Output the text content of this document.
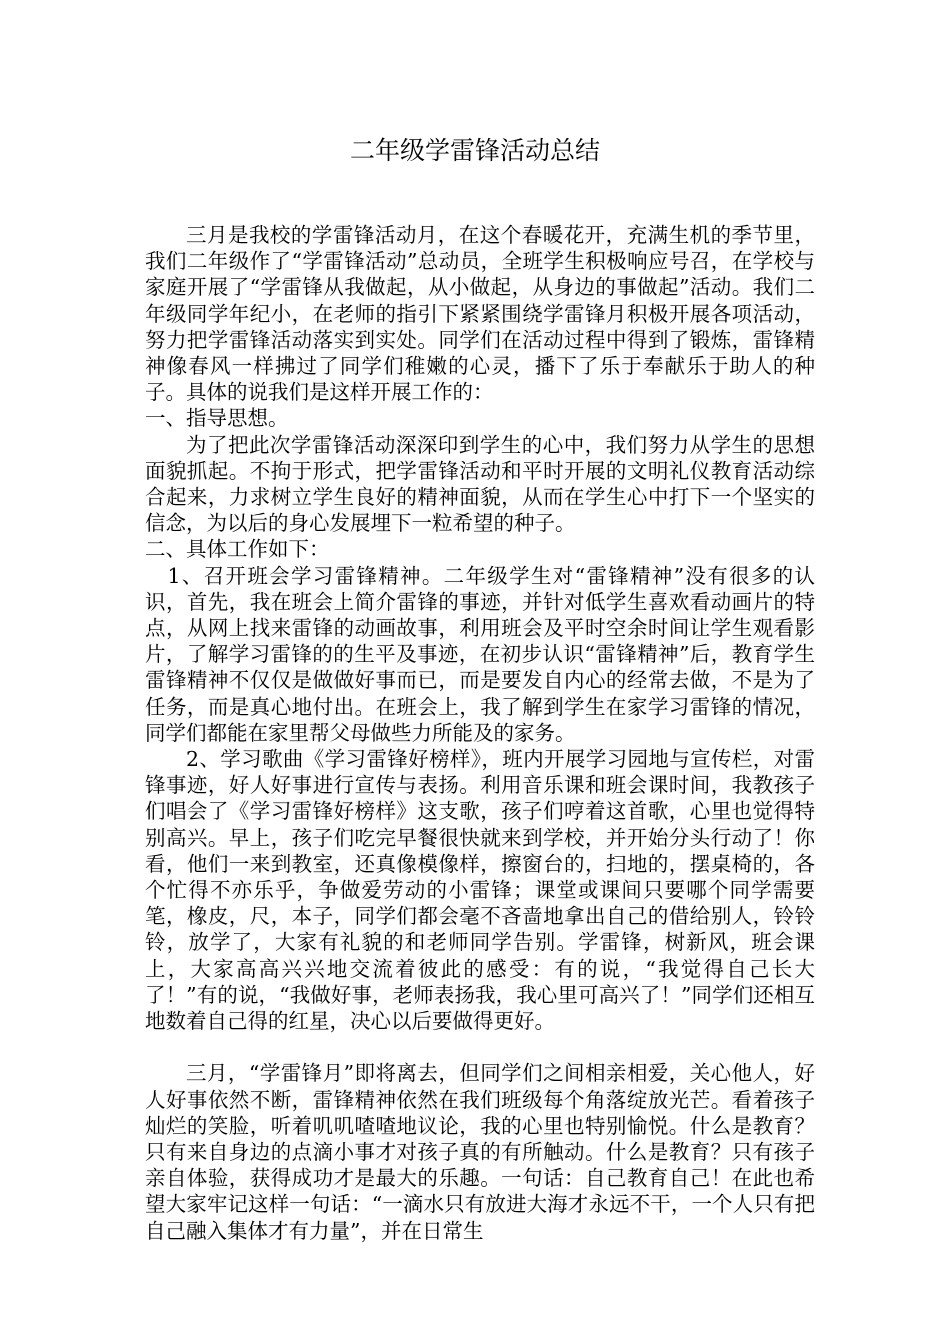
二年级学雷锋活动总结

三月是我校的学雷锋活动月，在这个春暖花开，充满生机的季节里，我们二年级作了“学雷锋活动”总动员，全班学生积极响应号召，在学校与家庭开展了“学雷锋从我做起，从小做起，从身边的事做起”活动。我们二年级同学年纪小，在老师的指引下紧紧围绕学雷锋月积极开展各项活动，努力把学雷锋活动落实到实处。同学们在活动过程中得到了锻炼，雷锋精神像春风一样拂过了同学们稚嫩的心灵，播下了乐于奉献乐于助人的种子。具体的说我们是这样开展工作的：

一、指导思想。

为了把此次学雷锋活动深深印到学生的心中，我们努力从学生的思想面貌抓起。不拘于形式，把学雷锋活动和平时开展的文明礼仪教育活动综合起来，力求树立学生良好的精神面貌，从而在学生心中打下一个坚实的信念，为以后的身心发展埋下一粒希望的种子。

二、具体工作如下：

1、召开班会学习雷锋精神。二年级学生对“雷锋精神”没有很多的认识，首先，我在班会上简介雷锋的事迹，并针对低学生喜欢看动画片的特点，从网上找来雷锋的动画故事，利用班会及平时空余时间让学生观看影片，了解学习雷锋的的生平及事迹，在初步认识“雷锋精神”后，教育学生雷锋精神不仅仅是做做好事而已，而是要发自内心的经常去做，不是为了任务，而是真心地付出。在班会上，我了解到学生在家学习雷锋的情况，同学们都能在家里帮父母做些力所能及的家务。

2、学习歌曲《学习雷锋好榜样》，班内开展学习园地与宣传栏，对雷锋事迹，好人好事进行宣传与表扬。利用音乐课和班会课时间，我教孩子们唱会了《学习雷锋好榜样》这支歌，孩子们哼着这首歌，心里也觉得特别高兴。早上，孩子们吃完早餐很快就来到学校，并开始分头行动了！你看，他们一来到教室，还真像模像样，擦窗台的，扫地的，摆桌椅的，各个忙得不亦乐乎，争做爱劳动的小雷锋；课堂或课间只要哪个同学需要笔，橡皮，尺，本子，同学们都会毫不吝啬地拿出自己的借给别人，铃铃铃，放学了，大家有礼貌的和老师同学告别。学雷锋，树新风，班会课上，大家高高兴兴地交流着彼此的感受：有的说，“我觉得自己长大了！”有的说，“我做好事，老师表扬我，我心里可高兴了！”同学们还相互地数着自己得的红星，决心以后要做得更好。

三月，“学雷锋月”即将离去，但同学们之间相亲相爱，关心他人，好人好事依然不断，雷锋精神依然在我们班级每个角落绽放光芒。看着孩子灿烂的笑脸，听着叽叽喳喳地议论，我的心里也特别愉悦。什么是教育？只有来自身边的点滴小事才对孩子真的有所触动。什么是教育？只有孩子亲自体验，获得成功才是最大的乐趣。一句话：自己教育自己！在此也希望大家牢记这样一句话：“一滴水只有放进大海才永远不干，一个人只有把自己融入集体才有力量”，并在日常生
